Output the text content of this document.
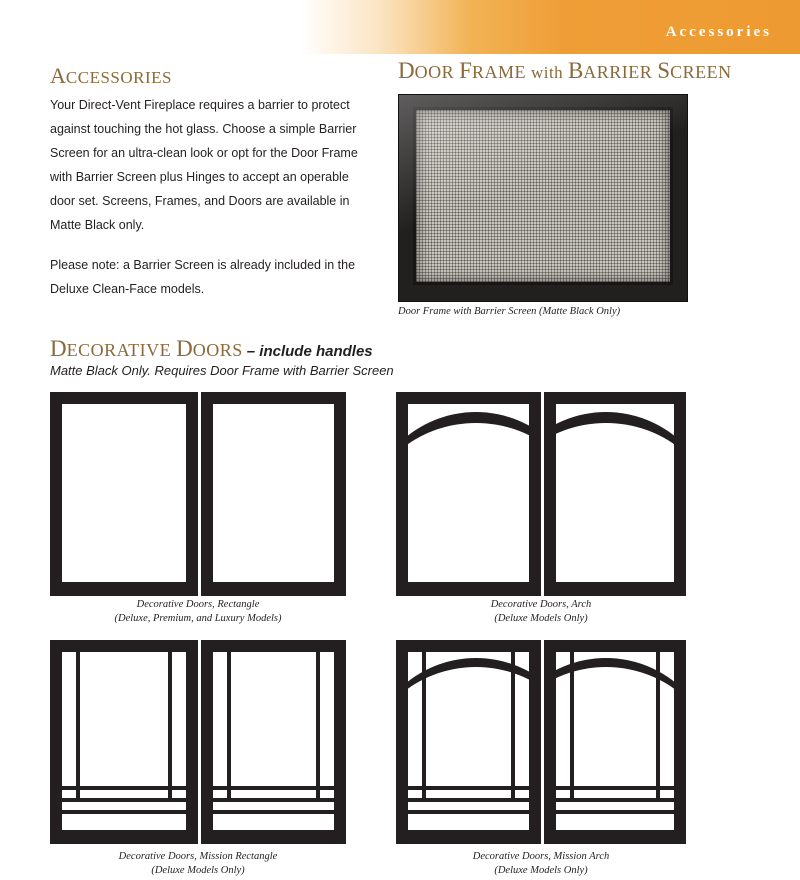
Accessories
ACCESSORIES

Your Direct-Vent Fireplace requires a barrier to protect against touching the hot glass. Choose a simple Barrier Screen for an ultra-clean look or opt for the Door Frame with Barrier Screen plus Hinges to accept an operable door set. Screens, Frames, and Doors are available in Matte Black only.

Please note: a Barrier Screen is already included in the Deluxe Clean-Face models.

DOOR FRAME with BARRIER SCREEN
Door Frame with Barrier Screen (Matte Black Only)
DECORATIVE DOORS – include handles
Matte Black Only. Requires Door Frame with Barrier Screen
Decorative Doors, Rectangle
(Deluxe, Premium, and Luxury Models)
Decorative Doors, Arch
(Deluxe Models Only)
Decorative Doors, Mission Rectangle
(Deluxe Models Only)
Decorative Doors, Mission Arch
(Deluxe Models Only)
